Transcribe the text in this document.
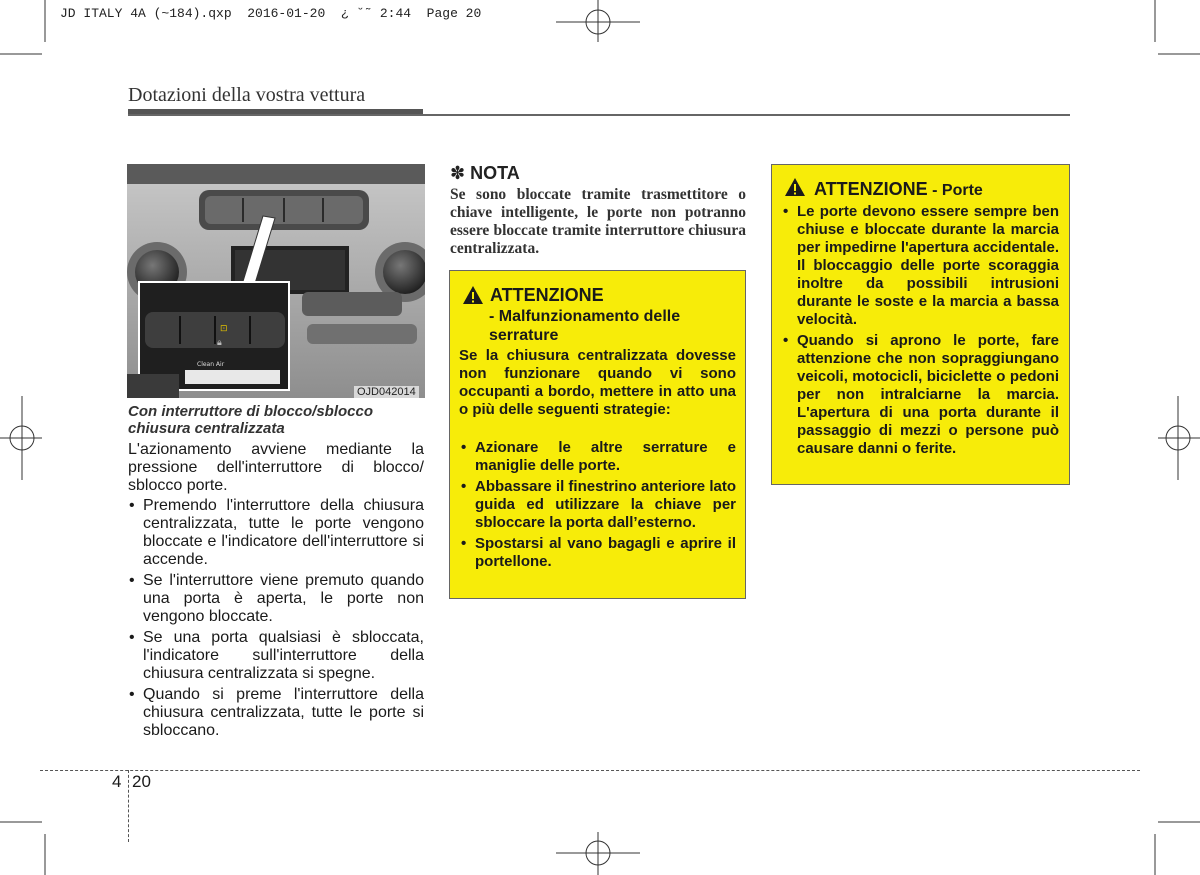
JD ITALY 4A (~184).qxp  2016-01-20  ¿ ˘˜ 2:44  Page 20
Dotazioni della vostra vettura
⊡
🔒︎
Clean Air
OJD042014
Con interruttore di blocco/sblocco chiusura centralizzata
L'azionamento avviene mediante la pressione dell'interruttore di blocco/ sblocco porte.
• Premendo l'interruttore della chiusura centralizzata, tutte le porte vengono bloccate e l'indicatore dell'interruttore si accende.
• Se l'interruttore viene premuto quando una porta è aperta, le porte non vengono bloccate.
• Se una porta qualsiasi è sbloccata, l'indicatore sull'interruttore della chiusura centralizzata si spegne.
• Quando si preme l'interruttore della chiusura centralizzata, tutte le porte si sbloccano.
✽ NOTA
Se sono bloccate tramite trasmettitore o chiave intelligente, le porte non potranno essere bloccate tramite interruttore chiusura centralizzata.
ATTENZIONE
- Malfunzionamento delle serrature
Se la chiusura centralizzata dovesse non funzionare quando vi sono occupanti a bordo, mettere in atto una o più delle seguenti strategie:
• Azionare le altre serrature e maniglie delle porte.
• Abbassare il finestrino anteriore lato guida ed utilizzare la chiave per sbloccare la porta dall’esterno.
• Spostarsi al vano bagagli e aprire il portellone.
ATTENZIONE - Porte
• Le porte devono essere sempre ben chiuse e bloccate durante la marcia per impedirne l'apertura accidentale. Il bloccaggio delle porte scoraggia inoltre da possibili intrusioni durante le soste e la marcia a bassa velocità.
• Quando si aprono le porte, fare attenzione che non sopraggiungano veicoli, motocicli, biciclette o pedoni per non intralciarne la marcia. L'apertura di una porta durante il passaggio di mezzi o persone può causare danni o ferite.
4 20
